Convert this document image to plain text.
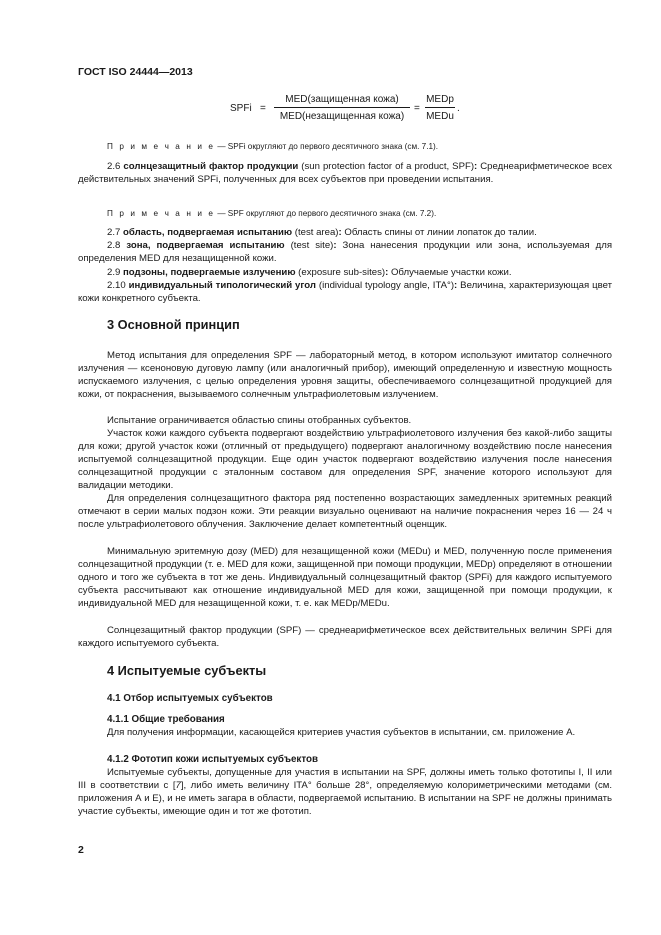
ГОСТ ISO 24444—2013
SPFi =
MED(защищенная кожа)
MED(незащищенная кожа)
=
MEDp
MEDu
.

П р и м е ч а н и е — SPFi округляют до первого десятичного знака (см. 7.1).

2.6 солнцезащитный фактор продукции (sun protection factor of a product, SPF): Среднеарифметическое всех действительных значений SPFi, полученных для всех субъектов при проведении испытания.

П р и м е ч а н и е — SPF округляют до первого десятичного знака (см. 7.2).

2.7 область, подвергаемая испытанию (test area): Область спины от линии лопаток до талии.

2.8 зона, подвергаемая испытанию (test site): Зона нанесения продукции или зона, используемая для определения MED для незащищенной кожи.

2.9 подзоны, подвергаемые излучению (exposure sub-sites): Облучаемые участки кожи.

2.10 индивидуальный типологический угол (individual typology angle, ITA°): Величина, характеризующая цвет кожи конкретного субъекта.

3 Основной принцип

Метод испытания для определения SPF — лабораторный метод, в котором используют имитатор солнечного излучения — ксеноновую дуговую лампу (или аналогичный прибор), имеющий определенную и известную мощность испускаемого излучения, с целью определения уровня защиты, обеспечиваемого солнцезащитной продукцией для кожи, от покраснения, вызываемого солнечным ультрафиолетовым излучением.

Испытание ограничивается областью спины отобранных субъектов.

Участок кожи каждого субъекта подвергают воздействию ультрафиолетового излучения без какой-либо защиты для кожи; другой участок кожи (отличный от предыдущего) подвергают аналогичному воздействию после нанесения испытуемой солнцезащитной продукции. Еще один участок подвергают воздействию излучения после нанесения солнцезащитной продукции с эталонным составом для определения SPF, значение которого используют для валидации методики.

Для определения солнцезащитного фактора ряд постепенно возрастающих замедленных эритемных реакций отмечают в серии малых подзон кожи. Эти реакции визуально оценивают на наличие покраснения через 16 — 24 ч после ультрафиолетового облучения. Заключение делает компетентный оценщик.

Минимальную эритемную дозу (MED) для незащищенной кожи (MEDu) и MED, полученную после применения солнцезащитной продукции (т. е. MED для кожи, защищенной при помощи продукции, MEDp) определяют в отношении одного и того же субъекта в тот же день. Индивидуальный солнцезащитный фактор (SPFi) для каждого испытуемого субъекта рассчитывают как отношение индивидуальной MED для кожи, защищенной при помощи продукции, к индивидуальной MED для незащищенной кожи, т. е. как MEDp/MEDu.

Солнцезащитный фактор продукции (SPF) — среднеарифметическое всех действительных величин SPFi для каждого испытуемого субъекта.

4 Испытуемые субъекты
4.1 Отбор испытуемых субъектов
4.1.1 Общие требования

Для получения информации, касающейся критериев участия субъектов в испытании, см. приложение А.

4.1.2 Фототип кожи испытуемых субъектов

Испытуемые субъекты, допущенные для участия в испытании на SPF, должны иметь только фототипы I, II или III в соответствии с [7], либо иметь величину ITA° больше 28°, определяемую колориметрическими методами (см. приложения А и Е), и не иметь загара в области, подвергаемой испытанию. В испытании на SPF не должны принимать участие субъекты, имеющие один и тот же фототип.

2
